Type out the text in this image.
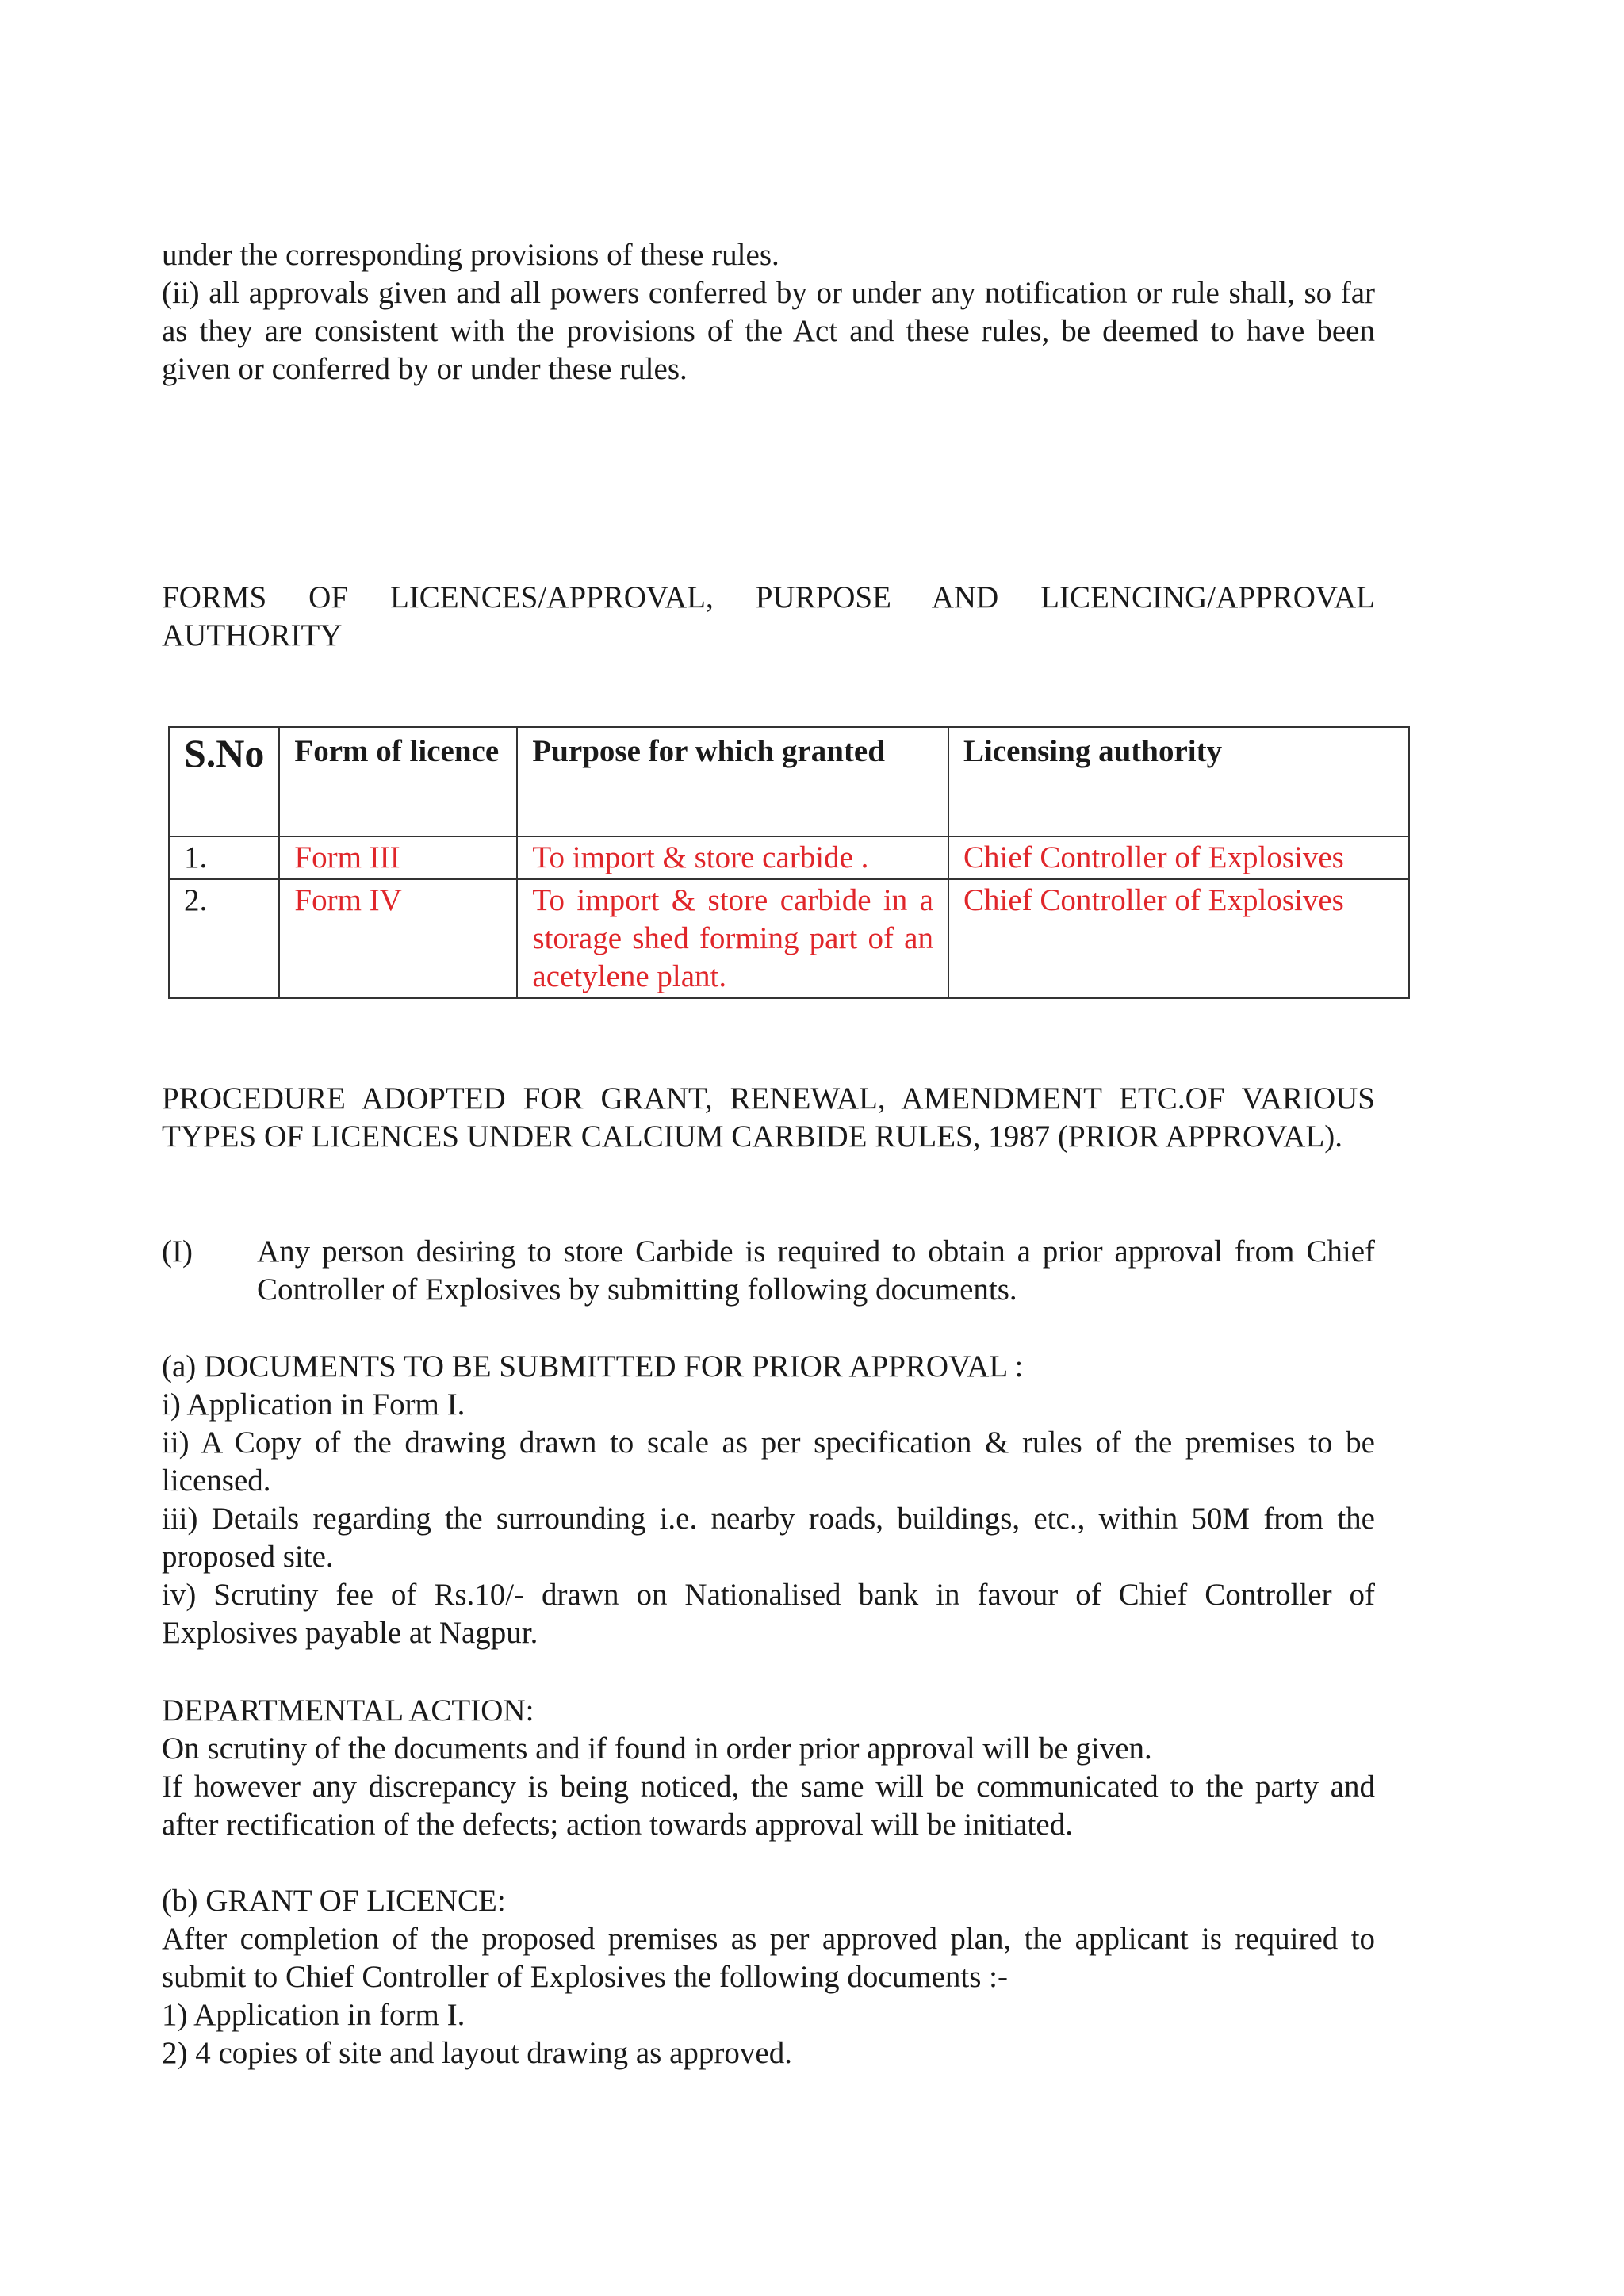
under the corresponding provisions of these rules.

(ii) all approvals given and all powers conferred by or under any notification or rule shall, so far as they are consistent with the provisions of the Act and these rules, be deemed to have been given or conferred by or under these rules.

FORMS OF LICENCES/APPROVAL, PURPOSE AND LICENCING/APPROVAL

AUTHORITY

S.No	Form of licence	Purpose for which granted	Licensing authority
1.	Form III	To import & store carbide .	Chief Controller of Explosives
2.	Form IV	To import & store carbide in a storage shed forming part of an acetylene plant.	Chief Controller of Explosives

PROCEDURE ADOPTED FOR GRANT, RENEWAL, AMENDMENT ETC.OF VARIOUS TYPES OF LICENCES UNDER CALCIUM CARBIDE RULES, 1987 (PRIOR APPROVAL).

(I)	Any person desiring to store Carbide is required to obtain a prior approval from Chief Controller of Explosives by submitting following documents.

(a) DOCUMENTS TO BE SUBMITTED FOR PRIOR APPROVAL :

i) Application in Form I.

ii) A Copy of the drawing drawn to scale as per specification & rules of the premises to be licensed.

iii) Details regarding the surrounding i.e. nearby roads, buildings, etc., within 50M from the proposed site.

iv) Scrutiny fee of Rs.10/- drawn on Nationalised bank in favour of Chief Controller of Explosives payable at Nagpur.

DEPARTMENTAL ACTION:

On scrutiny of the documents and if found in order prior approval will be given.

If however any discrepancy is being noticed, the same will be communicated to the party and after rectification of the defects; action towards approval will be initiated.

(b) GRANT OF LICENCE:

After completion of the proposed premises as per approved plan, the applicant is required to submit to Chief Controller of Explosives the following documents :-

1) Application in form I.

2) 4 copies of site and layout drawing as approved.
